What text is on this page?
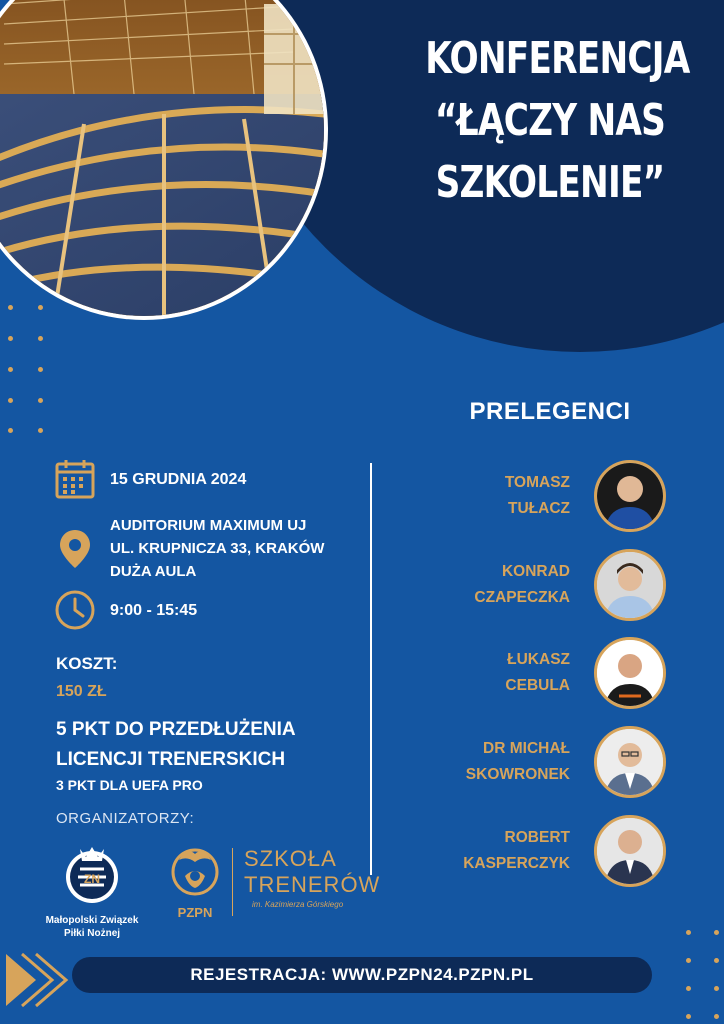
KONFERENCJA
“ŁĄCZY NAS
SZKOLENIE”
PRELEGENCI
15 GRUDNIA 2024
AUDITORIUM MAXIMUM UJ
UL. KRUPNICZA 33, KRAKÓW
DUŻA AULA
9:00 - 15:45
KOSZT:
150 ZŁ
5 PKT DO PRZEDŁUŻENIA
LICENCJI TRENERSKICH
3 PKT DLA UEFA PRO
ORGANIZATORZY:
ZN
Małopolski Związek
Piłki Nożnej
PZPN
SZKOŁA
TRENERÓW
im. Kazimierza Górskiego
TOMASZ
TUŁACZ
KONRAD
CZAPECZKA
ŁUKASZ
CEBULA
DR MICHAŁ
SKOWRONEK
ROBERT
KASPERCZYK
REJESTRACJA: WWW.PZPN24.PZPN.PL
